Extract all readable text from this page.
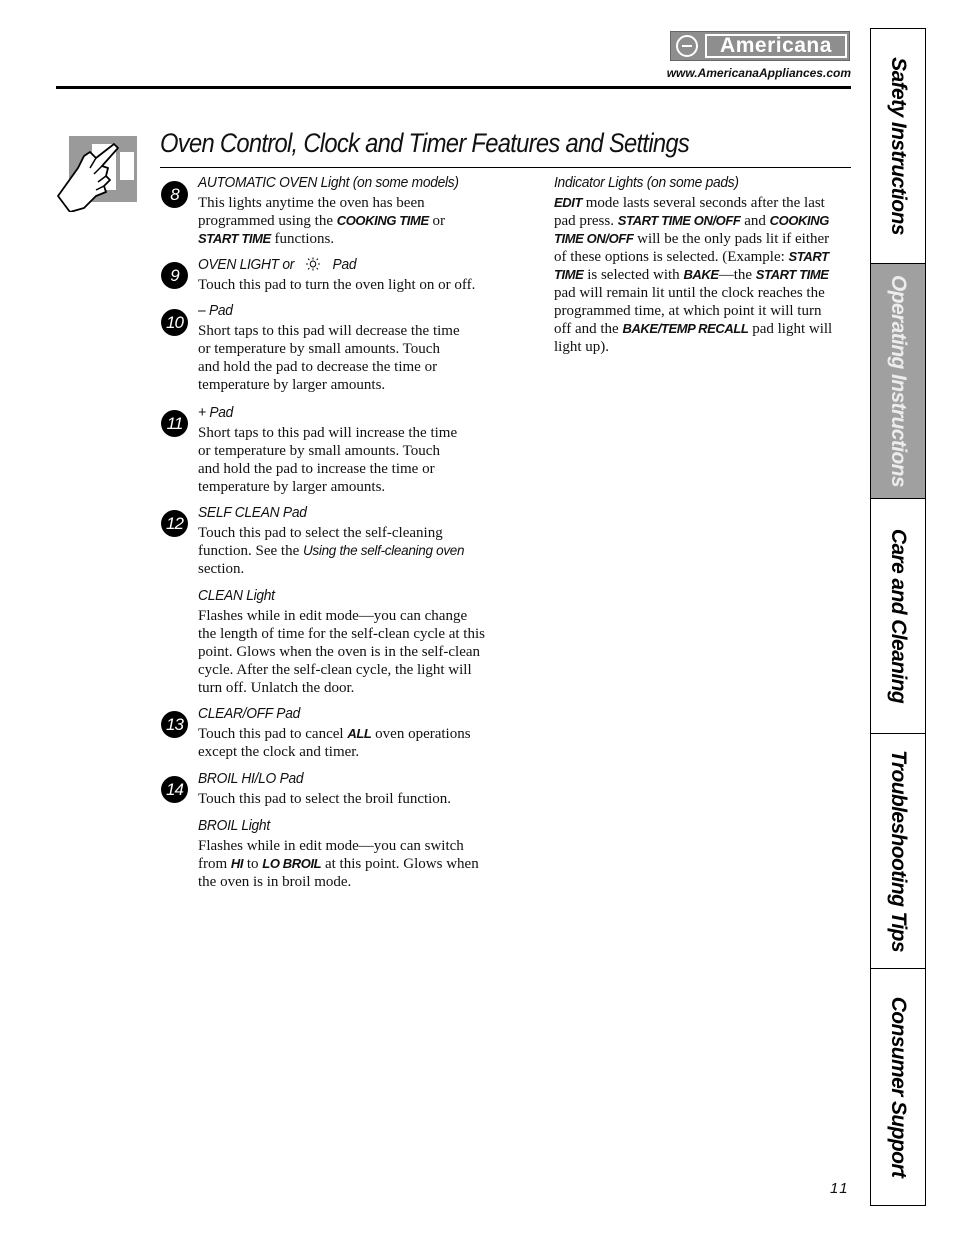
Americana
www.AmericanaAppliances.com
Oven Control, Clock and Timer Features and Settings
8
9
10
11
12
13
14
AUTOMATIC OVEN Light (on some models)
This lights anytime the oven has been
programmed using the COOKING TIME or
START TIME functions.
OVEN LIGHT or	Pad
Touch this pad to turn the oven light on or off.
– Pad
Short taps to this pad will decrease the time
or temperature by small amounts. Touch
and hold the pad to decrease the time or
temperature by larger amounts.
+ Pad
Short taps to this pad will increase the time
or temperature by small amounts. Touch
and hold the pad to increase the time or
temperature by larger amounts.
SELF CLEAN Pad
Touch this pad to select the self-cleaning
function. See the Using the self-cleaning oven
section.
CLEAN Light
Flashes while in edit mode—you can change
the length of time for the self-clean cycle at this
point. Glows when the oven is in the self-clean
cycle. After the self-clean cycle, the light will
turn off. Unlatch the door.
CLEAR/OFF Pad
Touch this pad to cancel ALL oven operations
except the clock and timer.
BROIL HI/LO Pad
Touch this pad to select the broil function.
BROIL Light
Flashes while in edit mode—you can switch
from HI to LO BROIL at this point. Glows when
the oven is in broil mode.
Indicator Lights (on some pads)
EDIT mode lasts several seconds after the last
pad press. START TIME ON/OFF and COOKING
TIME ON/OFF will be the only pads lit if either
of these options is selected. (Example: START
TIME is selected with BAKE—the START TIME
pad will remain lit until the clock reaches the
programmed time, at which point it will turn
off and the BAKE/TEMP RECALL pad light will
light up).
Safety Instructions
Operating Instructions
Care and Cleaning
Troubleshooting Tips
Consumer Support
11
